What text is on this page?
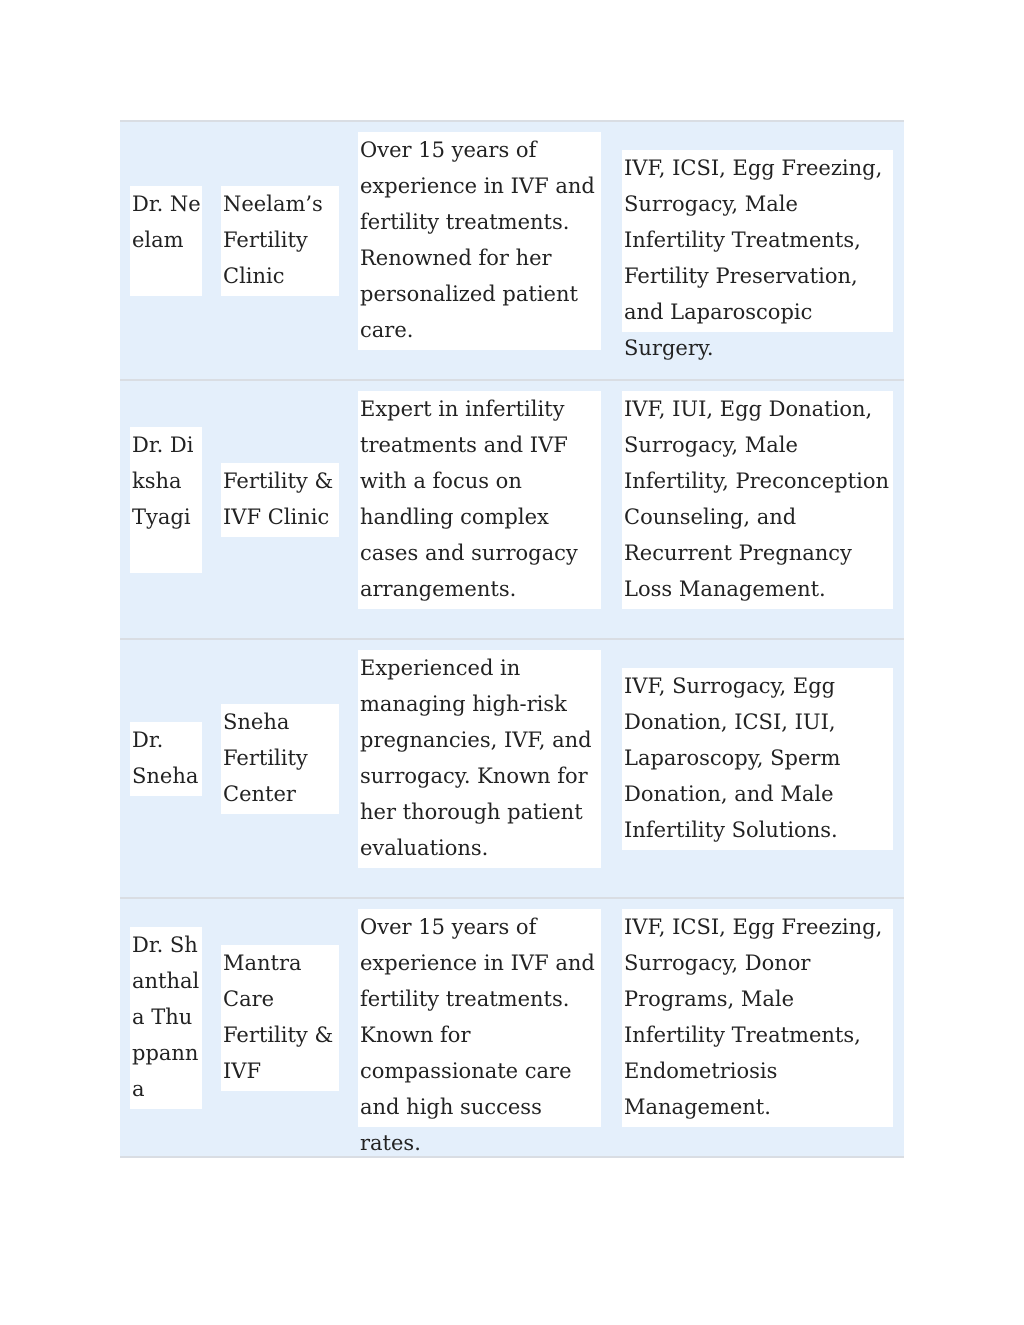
Dr. Neelam
Neelam’s Fertility Clinic
Over 15 years of experience in IVF and fertility treatments. Renowned for her personalized patient care.
IVF, ICSI, Egg Freezing, Surrogacy, Male Infertility Treatments, Fertility Preservation, and Laparoscopic Surgery.
Dr. Diksha Tyagi
Fertility & IVF Clinic
Expert in infertility treatments and IVF with a focus on handling complex cases and surrogacy arrangements.
IVF, IUI, Egg Donation, Surrogacy, Male Infertility, Preconception Counseling, and Recurrent Pregnancy Loss Management.
Dr. Sneha
Sneha Fertility Center
Experienced in managing high-risk pregnancies, IVF, and surrogacy. Known for her thorough patient evaluations.
IVF, Surrogacy, Egg Donation, ICSI, IUI, Laparoscopy, Sperm Donation, and Male Infertility Solutions.
Dr. Shanthala Thuppanna
Mantra Care Fertility & IVF
Over 15 years of experience in IVF and fertility treatments. Known for compassionate care and high success rates.
IVF, ICSI, Egg Freezing, Surrogacy, Donor Programs, Male Infertility Treatments, Endometriosis Management.
